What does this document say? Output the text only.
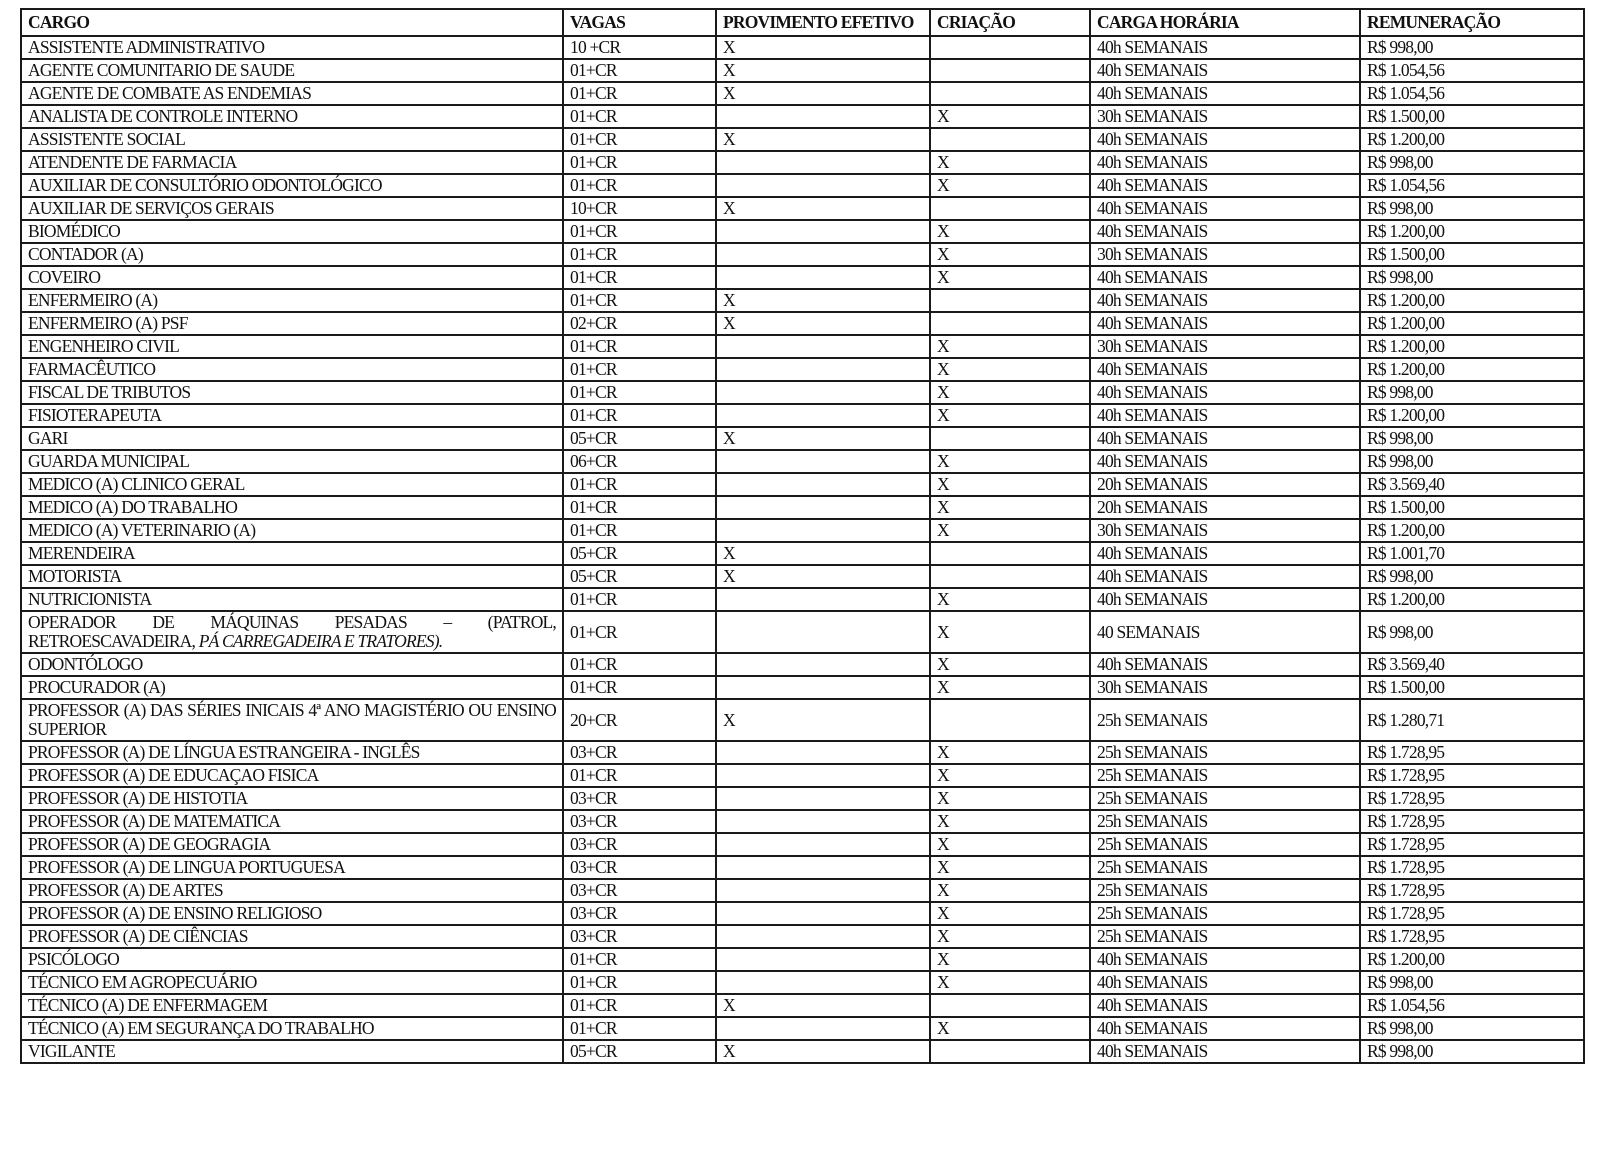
CARGO	VAGAS	PROVIMENTO EFETIVO	CRIAÇÃO	CARGA HORÁRIA	REMUNERAÇÃO
ASSISTENTE ADMINISTRATIVO	10 +CR	X		40h SEMANAIS	R$ 998,00
AGENTE COMUNITARIO DE SAUDE	01+CR	X		40h SEMANAIS	R$ 1.054,56
AGENTE DE COMBATE AS ENDEMIAS	01+CR	X		40h SEMANAIS	R$ 1.054,56
ANALISTA DE CONTROLE INTERNO	01+CR		X	30h SEMANAIS	R$ 1.500,00
ASSISTENTE SOCIAL	01+CR	X		40h SEMANAIS	R$ 1.200,00
ATENDENTE DE FARMACIA	01+CR		X	40h SEMANAIS	R$ 998,00
AUXILIAR DE CONSULTÓRIO ODONTOLÓGICO	01+CR		X	40h SEMANAIS	R$ 1.054,56
AUXILIAR DE SERVIÇOS GERAIS	10+CR	X		40h SEMANAIS	R$ 998,00
BIOMÉDICO	01+CR		X	40h SEMANAIS	R$ 1.200,00
CONTADOR (A)	01+CR		X	30h SEMANAIS	R$ 1.500,00
COVEIRO	01+CR		X	40h SEMANAIS	R$ 998,00
ENFERMEIRO (A)	01+CR	X		40h SEMANAIS	R$ 1.200,00
ENFERMEIRO (A) PSF	02+CR	X		40h SEMANAIS	R$ 1.200,00
ENGENHEIRO CIVIL	01+CR		X	30h SEMANAIS	R$ 1.200,00
FARMACÊUTICO	01+CR		X	40h SEMANAIS	R$ 1.200,00
FISCAL DE TRIBUTOS	01+CR		X	40h SEMANAIS	R$ 998,00
FISIOTERAPEUTA	01+CR		X	40h SEMANAIS	R$ 1.200,00
GARI	05+CR	X		40h SEMANAIS	R$ 998,00
GUARDA MUNICIPAL	06+CR		X	40h SEMANAIS	R$ 998,00
MEDICO (A) CLINICO GERAL	01+CR		X	20h SEMANAIS	R$ 3.569,40
MEDICO (A) DO TRABALHO	01+CR		X	20h SEMANAIS	R$ 1.500,00
MEDICO (A) VETERINARIO (A)	01+CR		X	30h SEMANAIS	R$ 1.200,00
MERENDEIRA	05+CR	X		40h SEMANAIS	R$ 1.001,70
MOTORISTA	05+CR	X		40h SEMANAIS	R$ 998,00
NUTRICIONISTA	01+CR		X	40h SEMANAIS	R$ 1.200,00
OPERADOR DE MÁQUINAS PESADAS – (PATROL, RETROESCAVADEIRA, PÁ CARREGADEIRA E TRATORES).	01+CR		X	40 SEMANAIS	R$ 998,00
ODONTÓLOGO	01+CR		X	40h SEMANAIS	R$ 3.569,40
PROCURADOR (A)	01+CR		X	30h SEMANAIS	R$ 1.500,00
PROFESSOR (A) DAS SÉRIES INICAIS 4ª ANO MAGISTÉRIO OU ENSINO SUPERIOR	20+CR	X		25h SEMANAIS	R$ 1.280,71
PROFESSOR (A) DE LÍNGUA ESTRANGEIRA - INGLÊS	03+CR		X	25h SEMANAIS	R$ 1.728,95
PROFESSOR (A) DE EDUCAÇAO FISICA	01+CR		X	25h SEMANAIS	R$ 1.728,95
PROFESSOR (A) DE HISTOTIA	03+CR		X	25h SEMANAIS	R$ 1.728,95
PROFESSOR (A) DE MATEMATICA	03+CR		X	25h SEMANAIS	R$ 1.728,95
PROFESSOR (A) DE GEOGRAGIA	03+CR		X	25h SEMANAIS	R$ 1.728,95
PROFESSOR (A) DE LINGUA PORTUGUESA	03+CR		X	25h SEMANAIS	R$ 1.728,95
PROFESSOR (A) DE ARTES	03+CR		X	25h SEMANAIS	R$ 1.728,95
PROFESSOR (A) DE ENSINO RELIGIOSO	03+CR		X	25h SEMANAIS	R$ 1.728,95
PROFESSOR (A) DE CIÊNCIAS	03+CR		X	25h SEMANAIS	R$ 1.728,95
PSICÓLOGO	01+CR		X	40h SEMANAIS	R$ 1.200,00
TÉCNICO EM AGROPECUÁRIO	01+CR		X	40h SEMANAIS	R$ 998,00
TÉCNICO (A) DE ENFERMAGEM	01+CR	X		40h SEMANAIS	R$ 1.054,56
TÉCNICO (A) EM SEGURANÇA DO TRABALHO	01+CR		X	40h SEMANAIS	R$ 998,00
VIGILANTE	05+CR	X		40h SEMANAIS	R$ 998,00
